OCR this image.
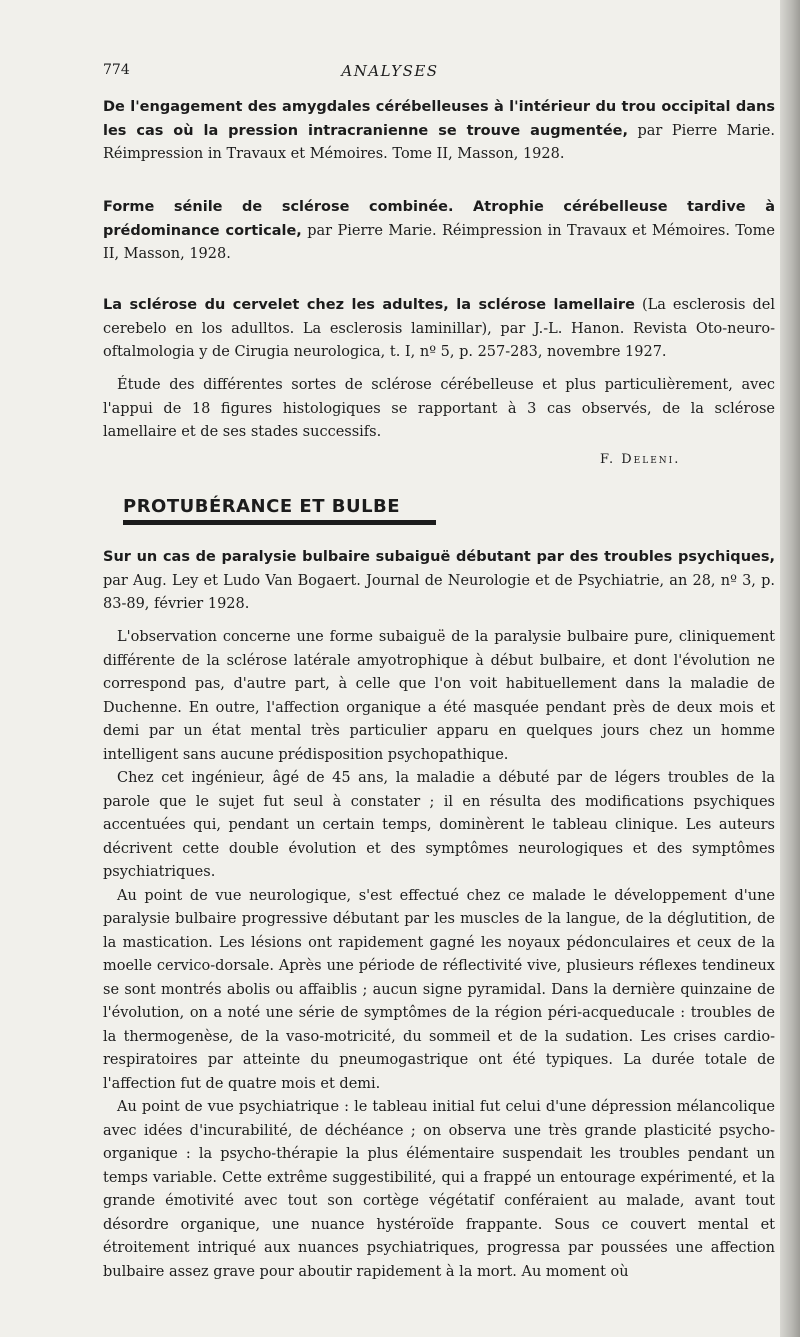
774	ANALYSES
De l'engagement des amygdales cérébelleuses à l'intérieur du trou occipital dans les cas où la pression intracranienne se trouve augmentée, par Pierre Marie. Réimpression in Travaux et Mémoires. Tome II, Masson, 1928.
Forme sénile de sclérose combinée. Atrophie cérébelleuse tardive à prédominance corticale, par Pierre Marie. Réimpression in Travaux et Mémoires. Tome II, Masson, 1928.
La sclérose du cervelet chez les adultes, la sclérose lamellaire (La esclerosis del cerebelo en los adulltos. La esclerosis laminillar), par J.-L. Hanon. Revista Oto-neuro-oftalmologia y de Cirugia neurologica, t. I, nº 5, p. 257-283, novembre 1927.
Étude des différentes sortes de sclérose cérébelleuse et plus particulièrement, avec l'appui de 18 figures histologiques se rapportant à 3 cas observés, de la sclérose lamellaire et de ses stades successifs.
F. Deleni.
PROTUBÉRANCE ET BULBE
Sur un cas de paralysie bulbaire subaiguë débutant par des troubles psychiques, par Aug. Ley et Ludo Van Bogaert. Journal de Neurologie et de Psychiatrie, an 28, nº 3, p. 83-89, février 1928.

L'observation concerne une forme subaiguë de la paralysie bulbaire pure, cliniquement différente de la sclérose latérale amyotrophique à début bulbaire, et dont l'évolution ne correspond pas, d'autre part, à celle que l'on voit habituellement dans la maladie de Duchenne. En outre, l'affection organique a été masquée pendant près de deux mois et demi par un état mental très particulier apparu en quelques jours chez un homme intelligent sans aucune prédisposition psychopathique.

Chez cet ingénieur, âgé de 45 ans, la maladie a débuté par de légers troubles de la parole que le sujet fut seul à constater ; il en résulta des modifications psychiques accentuées qui, pendant un certain temps, dominèrent le tableau clinique. Les auteurs décrivent cette double évolution et des symptômes neurologiques et des symptômes psychiatriques.

Au point de vue neurologique, s'est effectué chez ce malade le développement d'une paralysie bulbaire progressive débutant par les muscles de la langue, de la déglutition, de la mastication. Les lésions ont rapidement gagné les noyaux pédonculaires et ceux de la moelle cervico-dorsale. Après une période de réflectivité vive, plusieurs réflexes tendineux se sont montrés abolis ou affaiblis ; aucun signe pyramidal. Dans la dernière quinzaine de l'évolution, on a noté une série de symptômes de la région péri-acqueducale : troubles de la thermogenèse, de la vaso-motricité, du sommeil et de la sudation. Les crises cardio-respiratoires par atteinte du pneumogastrique ont été typiques. La durée totale de l'affection fut de quatre mois et demi.

Au point de vue psychiatrique : le tableau initial fut celui d'une dépression mélancolique avec idées d'incurabilité, de déchéance ; on observa une très grande plasticité psycho-organique : la psycho-thérapie la plus élémentaire suspendait les troubles pendant un temps variable. Cette extrême suggestibilité, qui a frappé un entourage expérimenté, et la grande émotivité avec tout son cortège végétatif conféraient au malade, avant tout désordre organique, une nuance hystéroïde frappante. Sous ce couvert mental et étroitement intriqué aux nuances psychiatriques, progressa par poussées une affection bulbaire assez grave pour aboutir rapidement à la mort. Au moment où
